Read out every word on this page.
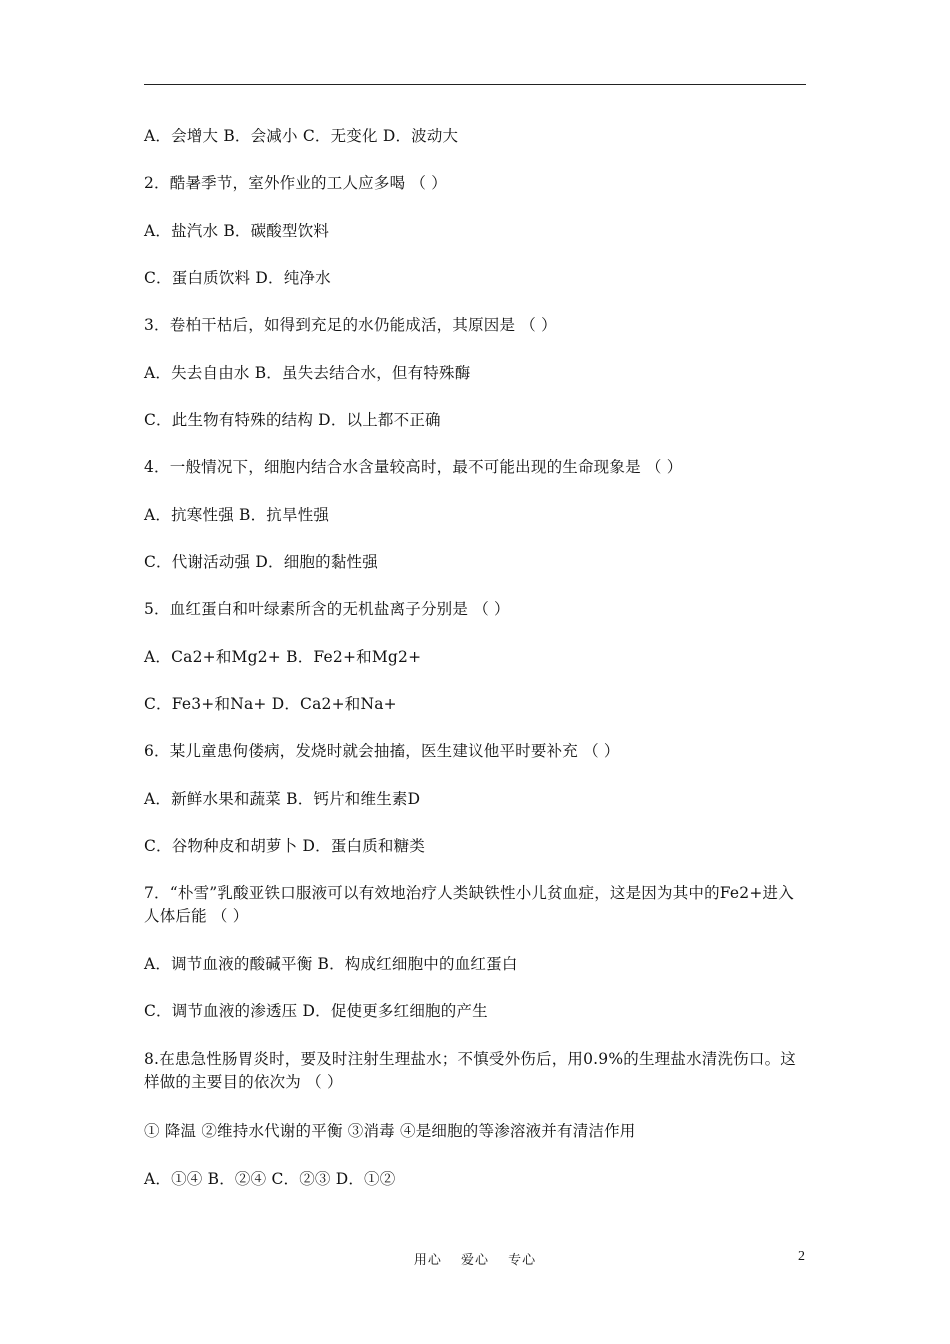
A．会增大 B．会减小 C．无变化 D．波动大
2．酷暑季节，室外作业的工人应多喝 （ ）
A．盐汽水 B．碳酸型饮料
C．蛋白质饮料 D．纯净水
3．卷柏干枯后，如得到充足的水仍能成活，其原因是 （ ）
A．失去自由水 B．虽失去结合水，但有特殊酶
C．此生物有特殊的结构 D．以上都不正确
4．一般情况下，细胞内结合水含量较高时，最不可能出现的生命现象是 （ ）
A．抗寒性强 B．抗旱性强
C．代谢活动强 D．细胞的黏性强
5．血红蛋白和叶绿素所含的无机盐离子分别是 （ ）
A．Ca2+和Mg2+ B．Fe2+和Mg2+
C．Fe3+和Na+ D．Ca2+和Na+
6．某儿童患佝偻病，发烧时就会抽搐，医生建议他平时要补充 （ ）
A．新鲜水果和蔬菜 B．钙片和维生素D
C．谷物种皮和胡萝卜 D．蛋白质和糖类
7．“朴雪”乳酸亚铁口服液可以有效地治疗人类缺铁性小儿贫血症，这是因为其中的Fe2+进入人体后能 （ ）
A．调节血液的酸碱平衡 B．构成红细胞中的血红蛋白
C．调节血液的渗透压 D．促使更多红细胞的产生
8.在患急性肠胃炎时，要及时注射生理盐水；不慎受外伤后，用0.9%的生理盐水清洗伤口。这样做的主要目的依次为 （ ）
① 降温 ②维持水代谢的平衡 ③消毒 ④是细胞的等渗溶液并有清洁作用
A．①④ B．②④ C．②③ D．①②
用心　 爱心　 专心	2
